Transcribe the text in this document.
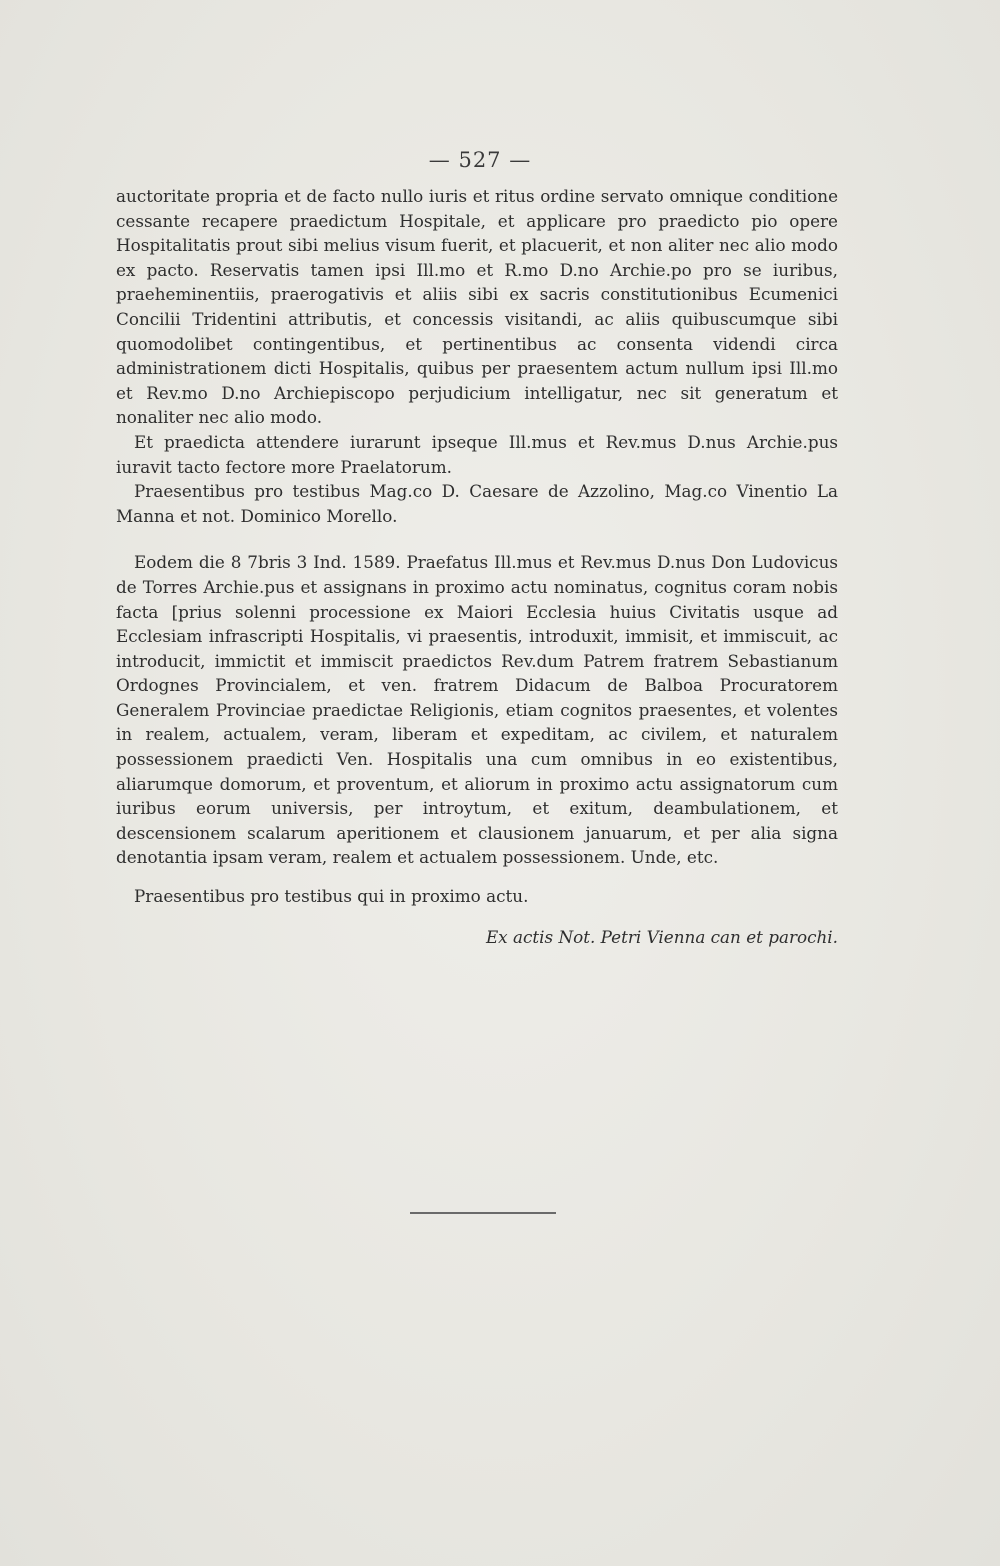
— 527 —

auctoritate propria et de facto nullo iuris et ritus ordine servato omnique conditione cessante recapere praedictum Hospitale, et applicare pro praedicto pio opere Hospitalitatis prout sibi melius visum fuerit, et placuerit, et non aliter nec alio modo ex pacto. Reservatis tamen ipsi Ill.mo et R.mo D.no Archie.po pro se iuribus, praeheminentiis, praerogativis et aliis sibi ex sacris constitutionibus Ecumenici Concilii Tridentini attributis, et concessis visitandi, ac aliis quibuscumque sibi quomodolibet contingentibus, et pertinentibus ac consenta videndi circa administrationem dicti Hospitalis, quibus per praesentem actum nullum ipsi Ill.mo et Rev.mo D.no Archiepiscopo perjudicium intelligatur, nec sit generatum et nonaliter nec alio modo.

Et praedicta attendere iurarunt ipseque Ill.mus et Rev.mus D.nus Archie.pus iuravit tacto fectore more Praelatorum.

Praesentibus pro testibus Mag.co D. Caesare de Azzolino, Mag.co Vinentio La Manna et not. Dominico Morello.

Eodem die 8 7bris 3 Ind. 1589. Praefatus Ill.mus et Rev.mus D.nus Don Ludovicus de Torres Archie.pus et assignans in proximo actu nominatus, cognitus coram nobis facta [prius solenni processione ex Maiori Ecclesia huius Civitatis usque ad Ecclesiam infrascripti Hospitalis, vi praesentis, introduxit, immisit, et immiscuit, ac introducit, immictit et immiscit praedictos Rev.dum Patrem fratrem Sebastianum Ordognes Provincialem, et ven. fratrem Didacum de Balboa Procuratorem Generalem Provinciae praedictae Religionis, etiam cognitos praesentes, et volentes in realem, actualem, veram, liberam et expeditam, ac civilem, et naturalem possessionem praedicti Ven. Hospitalis una cum omnibus in eo existentibus, aliarumque domorum, et proventum, et aliorum in proximo actu assignatorum cum iuribus eorum universis, per introytum, et exitum, deambulationem, et descensionem scalarum aperitionem et clausionem januarum, et per alia signa denotantia ipsam veram, realem et actualem possessionem. Unde, etc.

Praesentibus pro testibus qui in proximo actu.

Ex actis Not. Petri Vienna can et parochi.
